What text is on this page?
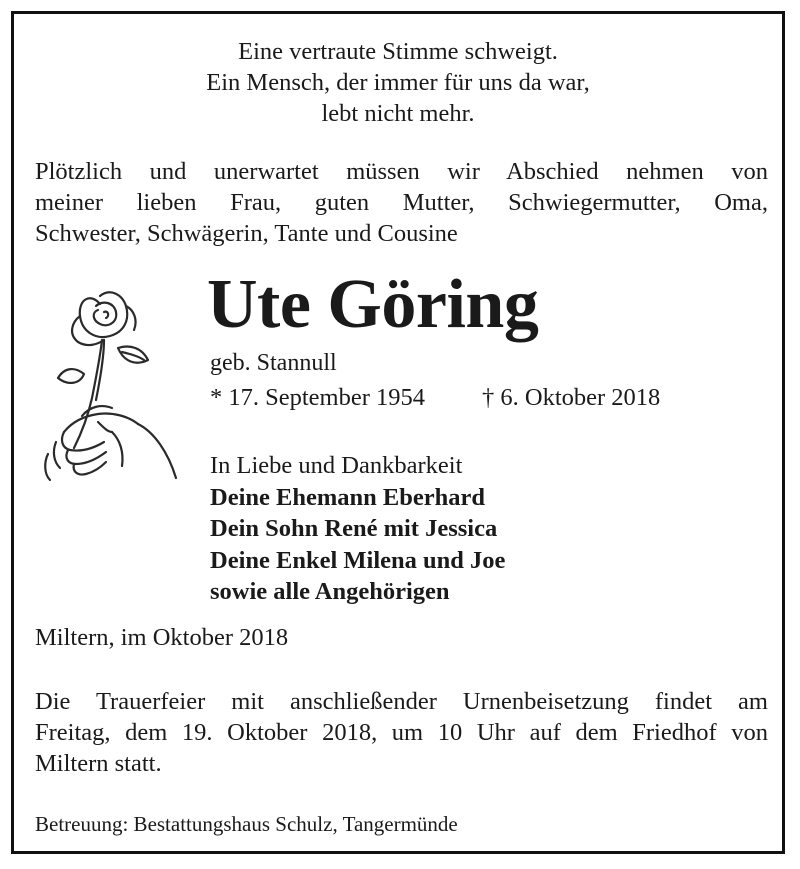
Eine vertraute Stimme schweigt.
Ein Mensch, der immer für uns da war,
lebt nicht mehr.
Plötzlich und unerwartet müssen wir Abschied nehmen von
meiner lieben Frau, guten Mutter, Schwiegermutter, Oma,
Schwester, Schwägerin, Tante und Cousine
Ute Göring
geb. Stannull
* 17. September 1954 † 6. Oktober 2018
In Liebe und Dankbarkeit
Deine Ehemann Eberhard
Dein Sohn René mit Jessica
Deine Enkel Milena und Joe
sowie alle Angehörigen
Miltern, im Oktober 2018
Die Trauerfeier mit anschließender Urnenbeisetzung findet am
Freitag, dem 19. Oktober 2018, um 10 Uhr auf dem Friedhof von
Miltern statt.
Betreuung: Bestattungshaus Schulz, Tangermünde
